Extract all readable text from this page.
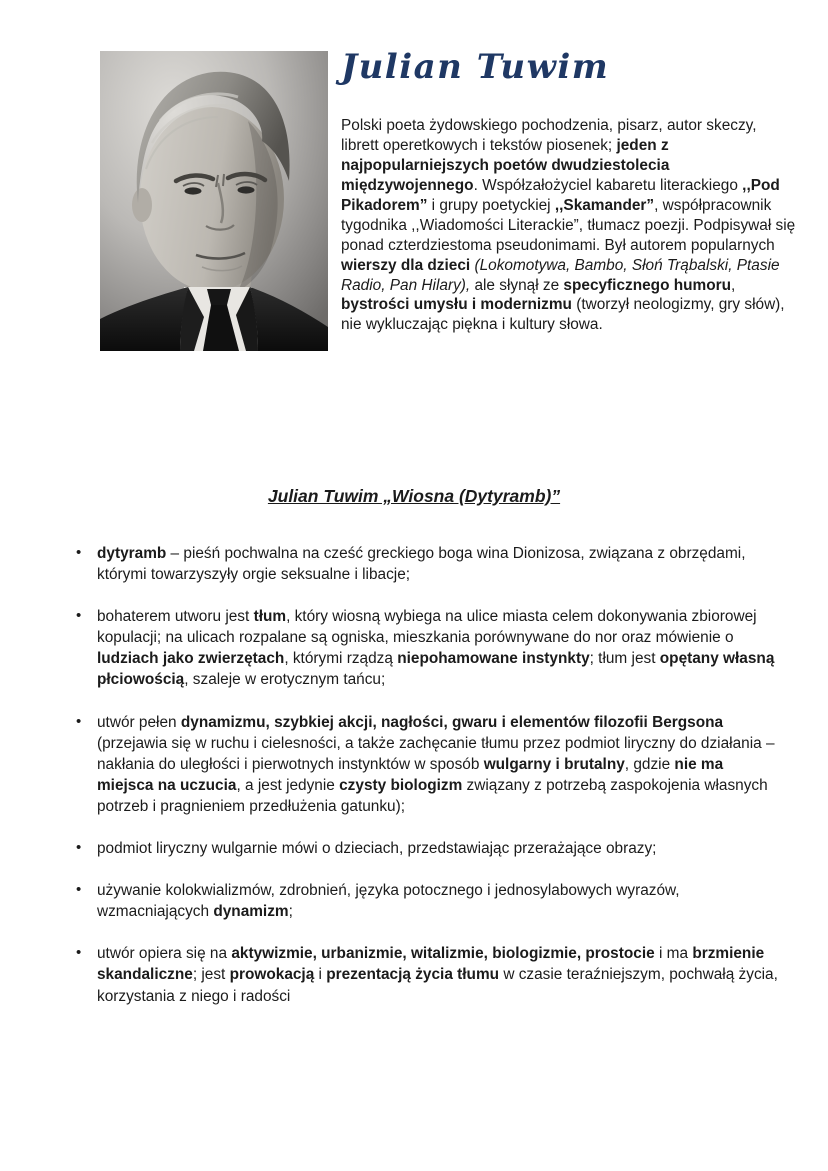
Julian Tuwim

Polski poeta żydowskiego pochodzenia, pisarz, autor skeczy, librett operetkowych i tekstów piosenek; jeden z najpopularniejszych poetów dwudziestolecia międzywojennego. Współzałożyciel kabaretu literackiego ,,Pod Pikadorem” i grupy poetyckiej ,,Skamander”, współpracownik tygodnika ,,Wiadomości Literackie”, tłumacz poezji. Podpisywał się ponad czterdziestoma pseudonimami. Był autorem popularnych wierszy dla dzieci (Lokomotywa, Bambo, Słoń Trąbalski, Ptasie Radio, Pan Hilary), ale słynął ze specyficznego humoru, bystrości umysłu i modernizmu (tworzył neologizmy, gry słów), nie wykluczając piękna i kultury słowa.

Julian Tuwim „Wiosna (Dytyramb)”
• dytyramb – pieśń pochwalna na cześć greckiego boga wina Dionizosa, związana z obrzędami, którymi towarzyszyły orgie seksualne i libacje;
• bohaterem utworu jest tłum, który wiosną wybiega na ulice miasta celem dokonywania zbiorowej kopulacji; na ulicach rozpalane są ogniska, mieszkania porównywane do nor oraz mówienie o ludziach jako zwierzętach, którymi rządzą niepohamowane instynkty; tłum jest opętany własną płciowością, szaleje w erotycznym tańcu;
• utwór pełen dynamizmu, szybkiej akcji, nagłości, gwaru i elementów filozofii Bergsona (przejawia się w ruchu i cielesności, a także zachęcanie tłumu przez podmiot liryczny do działania – nakłania do uległości i pierwotnych instynktów w sposób wulgarny i brutalny, gdzie nie ma miejsca na uczucia, a jest jedynie czysty biologizm związany z potrzebą zaspokojenia własnych potrzeb i pragnieniem przedłużenia gatunku);
• podmiot liryczny wulgarnie mówi o dzieciach, przedstawiając przerażające obrazy;
• używanie kolokwializmów, zdrobnień, języka potocznego i jednosylabowych wyrazów, wzmacniających dynamizm;
• utwór opiera się na aktywizmie, urbanizmie, witalizmie, biologizmie, prostocie i ma brzmienie skandaliczne; jest prowokacją i prezentacją życia tłumu w czasie teraźniejszym, pochwałą życia, korzystania z niego i radości
